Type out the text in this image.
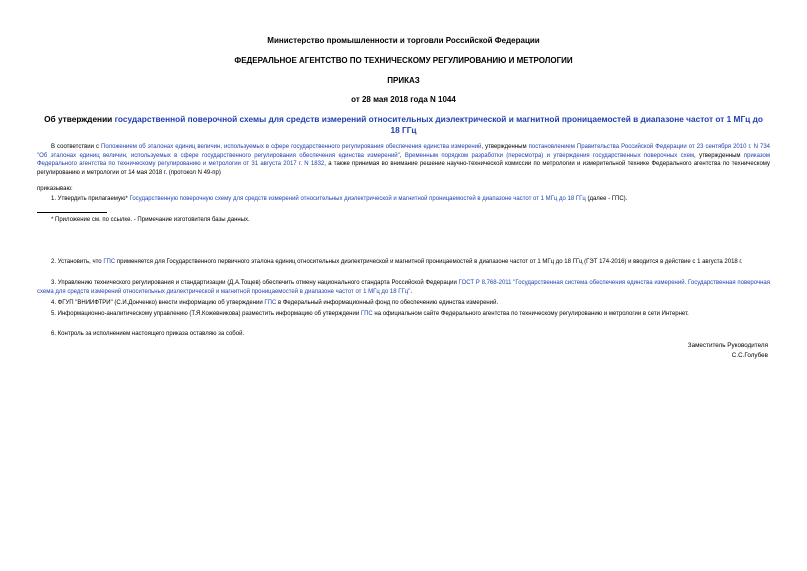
Министерство промышленности и торговли Российской Федерации
ФЕДЕРАЛЬНОЕ АГЕНТСТВО ПО ТЕХНИЧЕСКОМУ РЕГУЛИРОВАНИЮ И МЕТРОЛОГИИ
ПРИКАЗ
от 28 мая 2018 года N 1044
Об утверждении государственной поверочной схемы для средств измерений относительных диэлектрической и магнитной проницаемостей в диапазоне частот от 1 МГц до 18 ГГц
В соответствии с Положением об эталонах единиц величин, используемых в сфере государственного регулирования обеспечения единства измерений, утвержденным постановлением Правительства Российской Федерации от 23 сентября 2010 г. N 734 "Об эталонах единиц величин, используемых в сфере государственного регулирования обеспечения единства измерений", Временным порядком разработки (пересмотра) и утверждения государственных поверочных схем, утвержденным приказом Федерального агентства по техническому регулированию и метрологии от 31 августа 2017 г. N 1832, а также принимая во внимание решение научно-технической комиссии по метрологии и измерительной технике Федерального агентства по техническому регулированию и метрологии от 14 мая 2018 г. (протокол N 49-пр)
приказываю:
1. Утвердить прилагаемую* Государственную поверочную схему для средств измерений относительных диэлектрической и магнитной проницаемостей в диапазоне частот от 1 МГц до 18 ГГц (далее - ГПС).
* Приложение см. по ссылке. - Примечание изготовителя базы данных.
2. Установить, что ГПС применяется для Государственного первичного эталона единиц относительных диэлектрической и магнитной проницаемостей в диапазоне частот от 1 МГц до 18 ГГц (ГЭТ 174-2016) и вводится в действие с 1 августа 2018 г.
3. Управлению технического регулирования и стандартизации (Д.А.Тощев) обеспечить отмену национального стандарта Российской Федерации ГОСТ Р 8.768-2011 "Государственная система обеспечения единства измерений. Государственная поверочная схема для средств измерений относительных диэлектрической и магнитной проницаемостей в диапазоне частот от 1 МГц до 18 ГГц".
4. ФГУП "ВНИИФТРИ" (С.И.Донченко) внести информацию об утверждении ГПС в Федеральный информационный фонд по обеспечению единства измерений.
5. Информационно-аналитическому управлению (Т.Я.Кожевникова) разместить информацию об утверждении ГПС на официальном сайте Федерального агентства по техническому регулированию и метрологии в сети Интернет.
6. Контроль за исполнением настоящего приказа оставляю за собой.
Заместитель Руководителя
С.С.Голубев
